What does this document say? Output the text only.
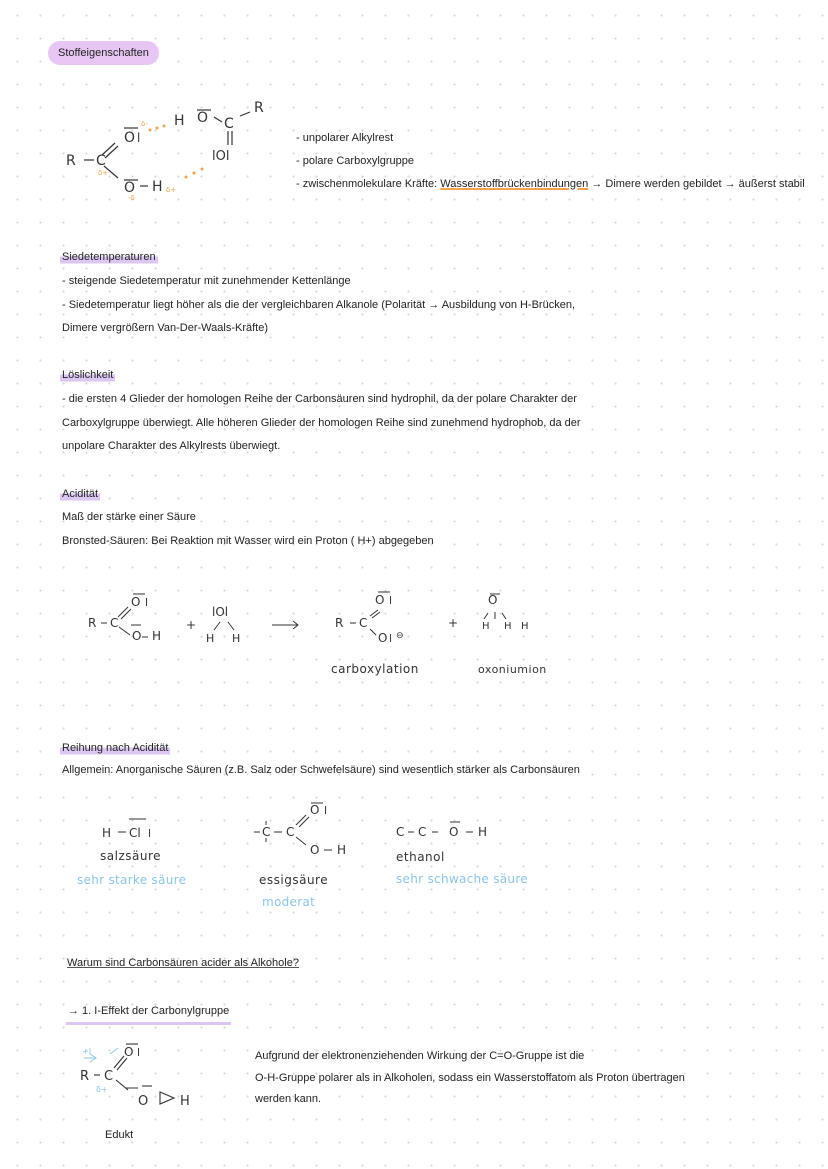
Stoffeigenschaften
R C
O l
O H
H O C
R
lOl
δ+
δ-
-δ
δ+
- unpolarer Alkylrest
- polare Carboxylgruppe
- zwischenmolekulare Kräfte: Wasserstoffbrückenbindungen → Dimere werden gebildet → äußerst stabil
Siedetemperaturen
- steigende Siedetemperatur mit zunehmender Kettenlänge
- Siedetemperatur liegt höher als die der vergleichbaren Alkanole (Polarität → Ausbildung von H-Brücken,
Dimere vergrößern Van-Der-Waals-Kräfte)
Löslichkeit
- die ersten 4 Glieder der homologen Reihe der Carbonsäuren sind hydrophil, da der polare Charakter der
Carboxylgruppe überwiegt. Alle höheren Glieder der homologen Reihe sind zunehmend hydrophob, da der
unpolare Charakter des Alkylrests überwiegt.
Acidität
Maß der stärke einer Säure
Bronsted-Säuren: Bei Reaktion mit Wasser wird ein Proton ( H+) abgegeben
R C
O l
O H
+
lOl
H H
R C
O l
O l ⊖
+
O
H H H
carboxylation	oxoniumion
Reihung nach Acidität
Allgemein: Anorganische Säuren (z.B. Salz oder Schwefelsäure) sind wesentlich stärker als Carbonsäuren
H Cl l	C C
O l
O H
C C O H
salzsäure
sehr starke säure	essigsäure
moderat
ethanol
sehr schwache säure
Warum sind Carbonsäuren acider als Alkohole?
→ 1. I-Effekt der Carbonylgruppe
R C
O l
O H
+I
δ+
Aufgrund der elektronenziehenden Wirkung der C=O-Gruppe ist die
O-H-Gruppe polarer als in Alkoholen, sodass ein Wasserstoffatom als Proton übertragen
werden kann.
Edukt
